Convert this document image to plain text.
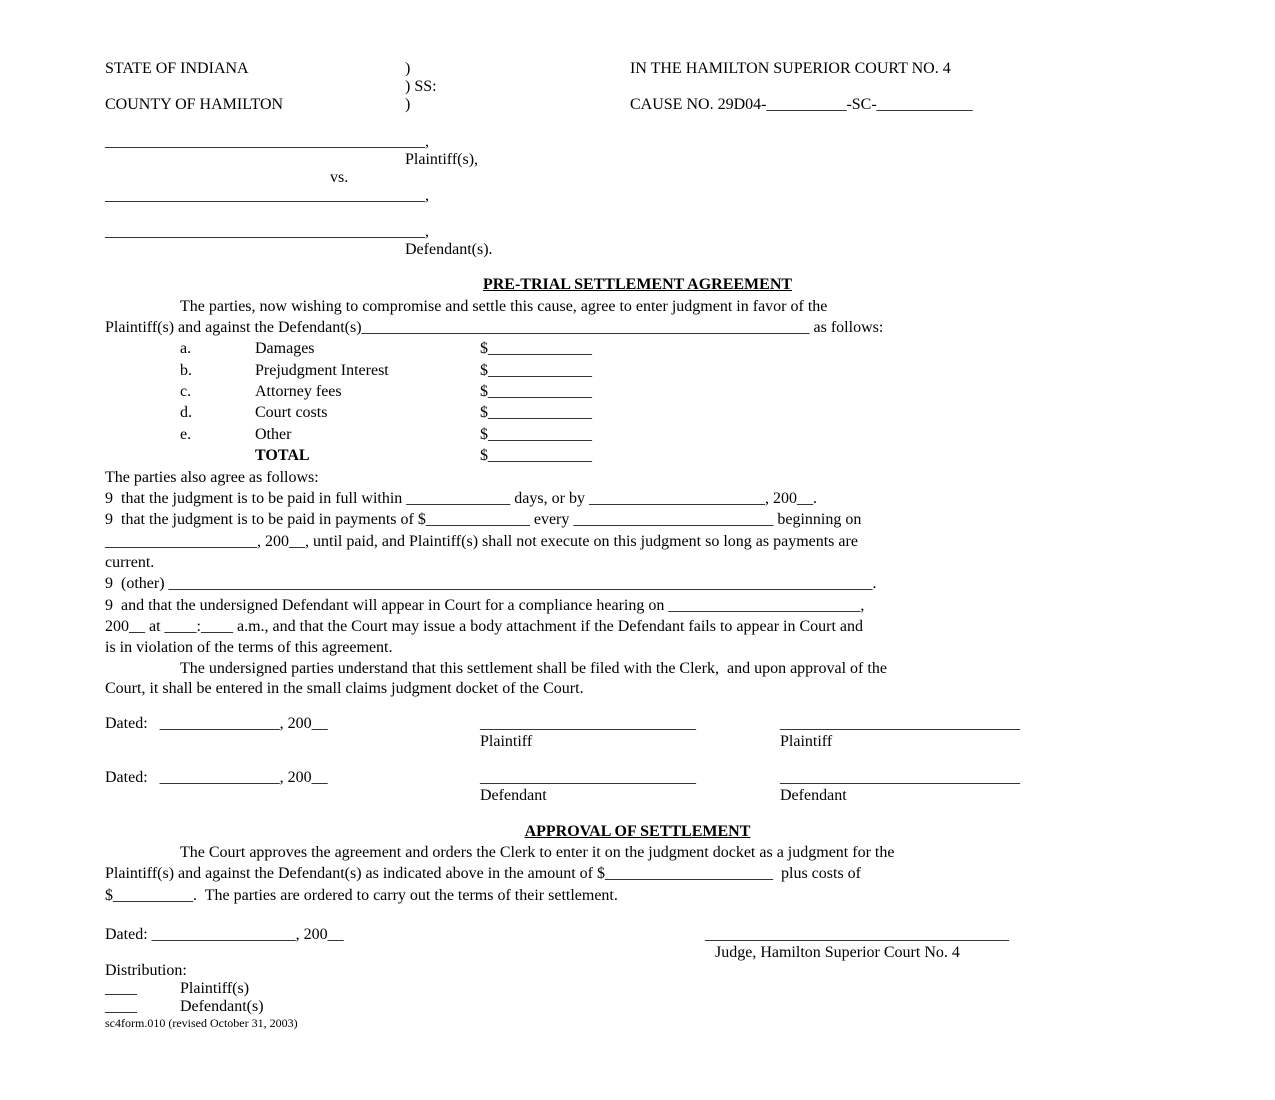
STATE OF INDIANA	)
) SS:
COUNTY OF HAMILTON	)
IN THE HAMILTON SUPERIOR COURT NO. 4
CAUSE NO. 29D04-__________-SC-____________
________________________________________,
Plaintiff(s),
vs.
________________________________________,
________________________________________,
Defendant(s).
PRE-TRIAL SETTLEMENT AGREEMENT
The parties, now wishing to compromise and settle this cause, agree to enter judgment in favor of the
Plaintiff(s) and against the Defendant(s)________________________________________________________ as follows:
a.	Damages	$_____________
b.	Prejudgment Interest	$_____________
c.	Attorney fees	$_____________
d.	Court costs	$_____________
e.	Other	$_____________
TOTAL	$_____________
The parties also agree as follows:
9  that the judgment is to be paid in full within _____________ days, or by ______________________, 200__.
9  that the judgment is to be paid in payments of $_____________ every _________________________ beginning on
___________________, 200__, until paid, and Plaintiff(s) shall not execute on this judgment so long as payments are
current.
9  (other) ________________________________________________________________________________________.
9  and that the undersigned Defendant will appear in Court for a compliance hearing on ________________________,
200__ at ____:____ a.m., and that the Court may issue a body attachment if the Defendant fails to appear in Court and
is in violation of the terms of this agreement.
The undersigned parties understand that this settlement shall be filed with the Clerk,  and upon approval of the
Court, it shall be entered in the small claims judgment docket of the Court.
Dated:   _______________, 200__	___________________________	______________________________
Plaintiff	Plaintiff
Dated:   _______________, 200__	___________________________	______________________________
Defendant	Defendant
APPROVAL OF SETTLEMENT
The Court approves the agreement and orders the Clerk to enter it on the judgment docket as a judgment for the
Plaintiff(s) and against the Defendant(s) as indicated above in the amount of $_____________________  plus costs of
$__________.  The parties are ordered to carry out the terms of their settlement.
Dated: __________________, 200__	______________________________________
Judge, Hamilton Superior Court No. 4
Distribution:
____	Plaintiff(s)
____	Defendant(s)
sc4form.010 (revised October 31, 2003)
